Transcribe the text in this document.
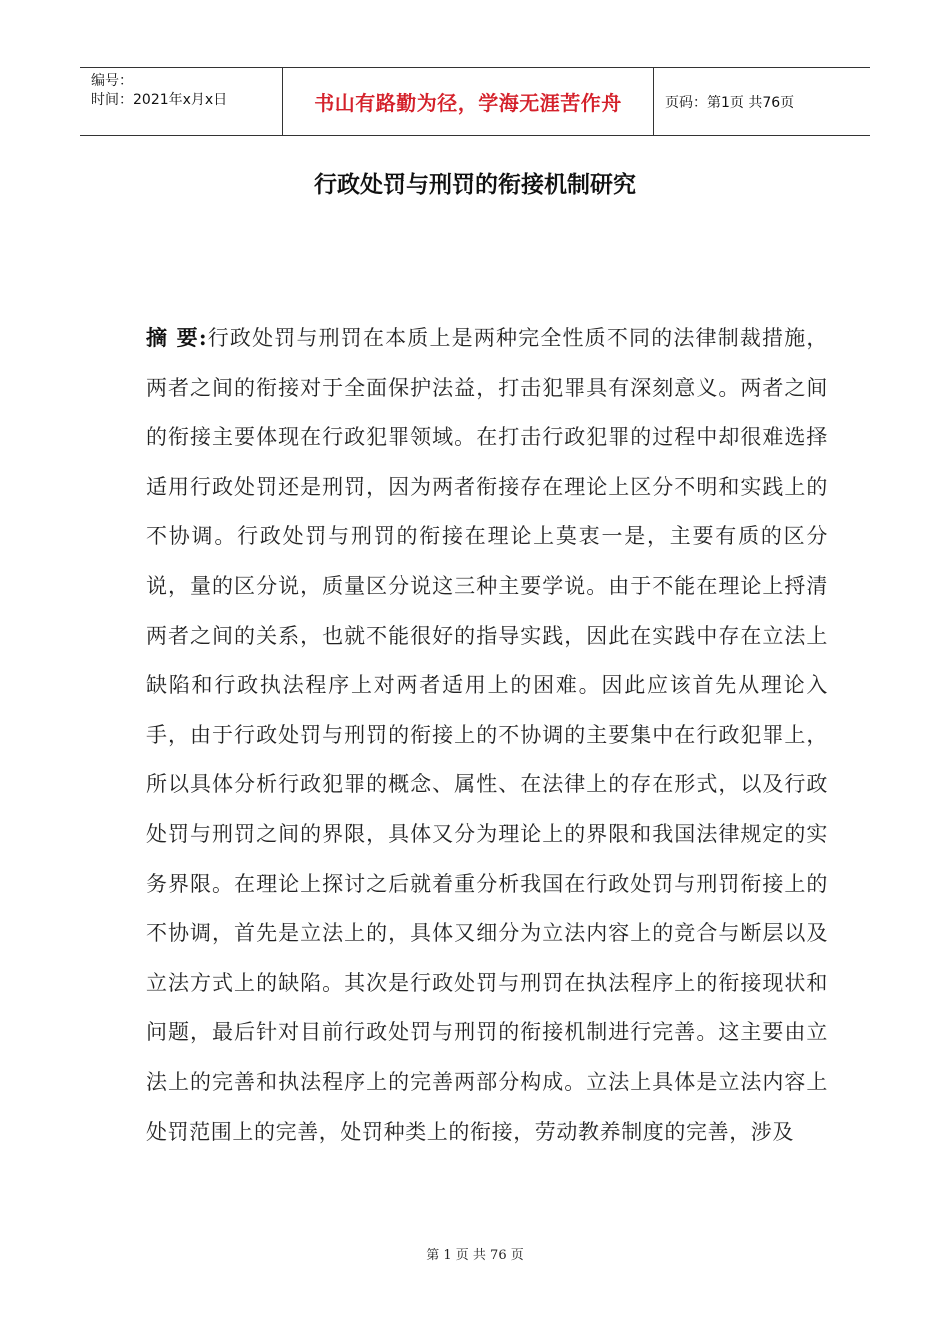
编号：
时间：2021年x月x日	书山有路勤为径，学海无涯苦作舟	页码：第1页 共76页
行政处罚与刑罚的衔接机制研究

摘 要:行政处罚与刑罚在本质上是两种完全性质不同的法律制裁措施，两者之间的衔接对于全面保护法益，打击犯罪具有深刻意义。两者之间的衔接主要体现在行政犯罪领域。在打击行政犯罪的过程中却很难选择适用行政处罚还是刑罚，因为两者衔接存在理论上区分不明和实践上的不协调。行政处罚与刑罚的衔接在理论上莫衷一是，主要有质的区分说，量的区分说，质量区分说这三种主要学说。由于不能在理论上捋清两者之间的关系，也就不能很好的指导实践，因此在实践中存在立法上缺陷和行政执法程序上对两者适用上的困难。因此应该首先从理论入手，由于行政处罚与刑罚的衔接上的不协调的主要集中在行政犯罪上，所以具体分析行政犯罪的概念、属性、在法律上的存在形式，以及行政处罚与刑罚之间的界限，具体又分为理论上的界限和我国法律规定的实务界限。在理论上探讨之后就着重分析我国在行政处罚与刑罚衔接上的不协调，首先是立法上的，具体又细分为立法内容上的竞合与断层以及立法方式上的缺陷。其次是行政处罚与刑罚在执法程序上的衔接现状和问题，最后针对目前行政处罚与刑罚的衔接机制进行完善。这主要由立法上的完善和执法程序上的完善两部分构成。立法上具体是立法内容上处罚范围上的完善，处罚种类上的衔接，劳动教养制度的完善，涉及

第 1 页 共 76 页
